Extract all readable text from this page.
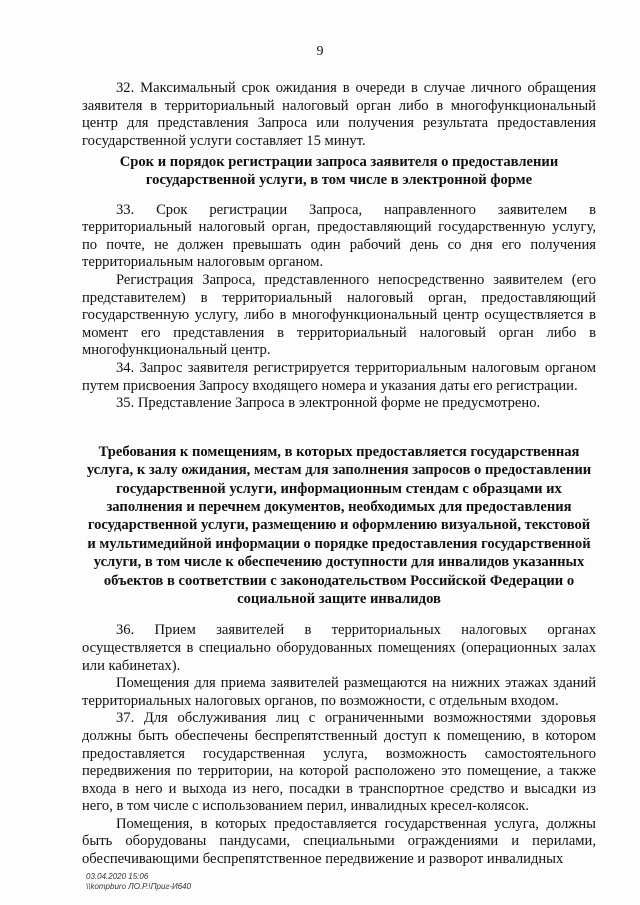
9

32. Максимальный срок ожидания в очереди в случае личного обращения заявителя в территориальный налоговый орган либо в многофункциональный центр для представления Запроса или получения результата предоставления государственной услуги составляет 15 минут.

Срок и порядок регистрации запроса заявителя о предоставлении государственной услуги, в том числе в электронной форме

33. Срок регистрации Запроса, направленного заявителем в территориальный налоговый орган, предоставляющий государственную услугу, по почте, не должен превышать один рабочий день со дня его получения территориальным налоговым органом.

Регистрация Запроса, представленного непосредственно заявителем (его представителем) в территориальный налоговый орган, предоставляющий государственную услугу, либо в многофункциональный центр осуществляется в момент его представления в территориальный налоговый орган либо в многофункциональный центр.

34. Запрос заявителя регистрируется территориальным налоговым органом путем присвоения Запросу входящего номера и указания даты его регистрации.

35. Представление Запроса в электронной форме не предусмотрено.

Требования к помещениям, в которых предоставляется государственная услуга, к залу ожидания, местам для заполнения запросов о предоставлении государственной услуги, информационным стендам с образцами их заполнения и перечнем документов, необходимых для предоставления государственной услуги, размещению и оформлению визуальной, текстовой и мультимедийной информации о порядке предоставления государственной услуги, в том числе к обеспечению доступности для инвалидов указанных объектов в соответствии с законодательством Российской Федерации о социальной защите инвалидов

36. Прием заявителей в территориальных налоговых органах осуществляется в специально оборудованных помещениях (операционных залах или кабинетах).

Помещения для приема заявителей размещаются на нижних этажах зданий территориальных налоговых органов, по возможности, с отдельным входом.

37. Для обслуживания лиц с ограниченными возможностями здоровья должны быть обеспечены беспрепятственный доступ к помещению, в котором предоставляется государственная услуга, возможность самостоятельного передвижения по территории, на которой расположено это помещение, а также входа в него и выхода из него, посадки в транспортное средство и высадки из него, в том числе с использованием перил, инвалидных кресел-колясок.

Помещения, в которых предоставляется государственная услуга, должны быть оборудованы пандусами, специальными ограждениями и перилами, обеспечивающими беспрепятственное передвижение и разворот инвалидных

03.04.2020 15:06
\\kompburo ЛО.Р.\Приг-И640
